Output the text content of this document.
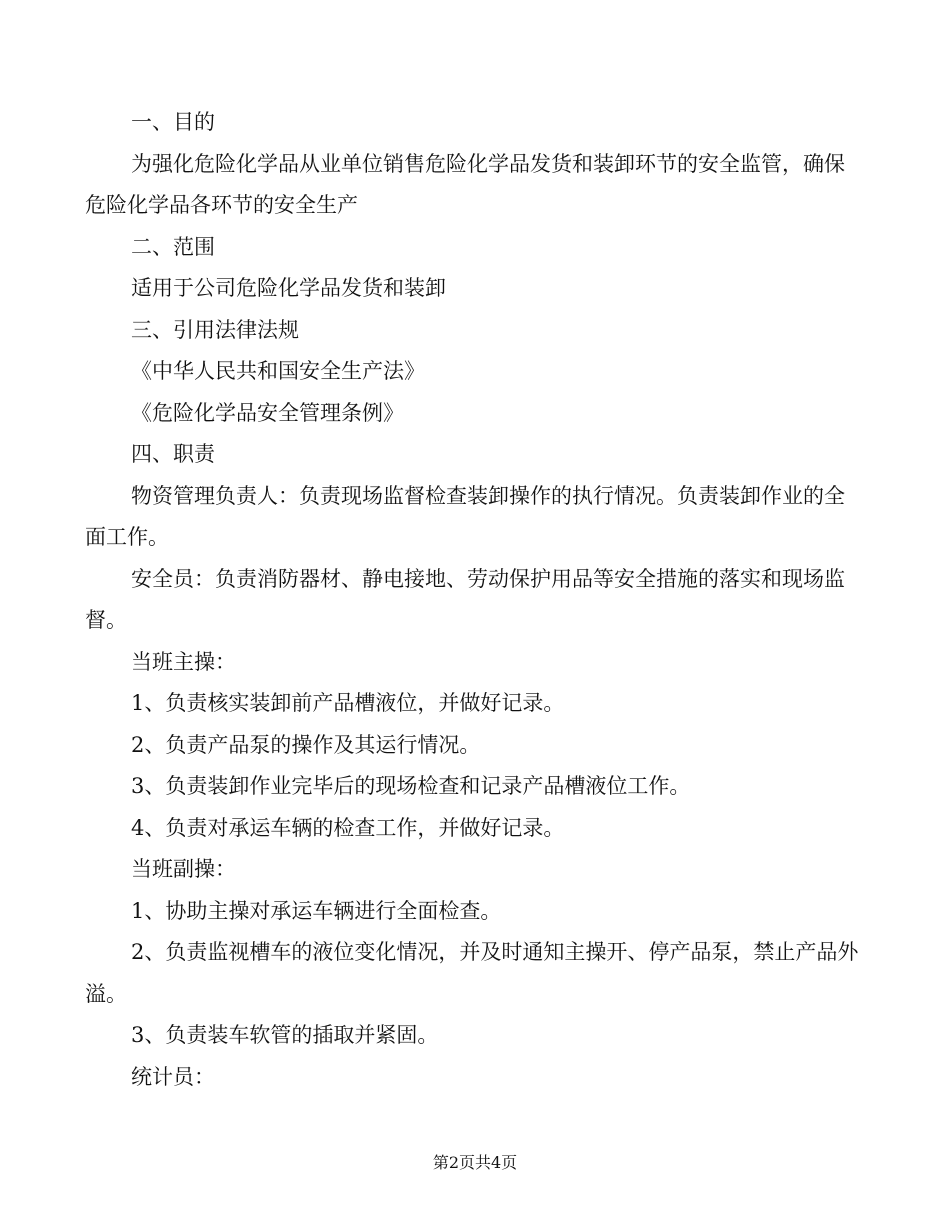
一、目的

为强化危险化学品从业单位销售危险化学品发货和装卸环节的安全监管，确保危险化学品各环节的安全生产

二、范围

适用于公司危险化学品发货和装卸

三、引用法律法规

《中华人民共和国安全生产法》

《危险化学品安全管理条例》

四、职责

物资管理负责人：负责现场监督检查装卸操作的执行情况。负责装卸作业的全面工作。

安全员：负责消防器材、静电接地、劳动保护用品等安全措施的落实和现场监督。

当班主操：

1、负责核实装卸前产品槽液位，并做好记录。

2、负责产品泵的操作及其运行情况。

3、负责装卸作业完毕后的现场检查和记录产品槽液位工作。

4、负责对承运车辆的检查工作，并做好记录。

当班副操：

1、协助主操对承运车辆进行全面检查。

2、负责监视槽车的液位变化情况，并及时通知主操开、停产品泵，禁止产品外溢。

3、负责装车软管的插取并紧固。

统计员：

第2页共4页
